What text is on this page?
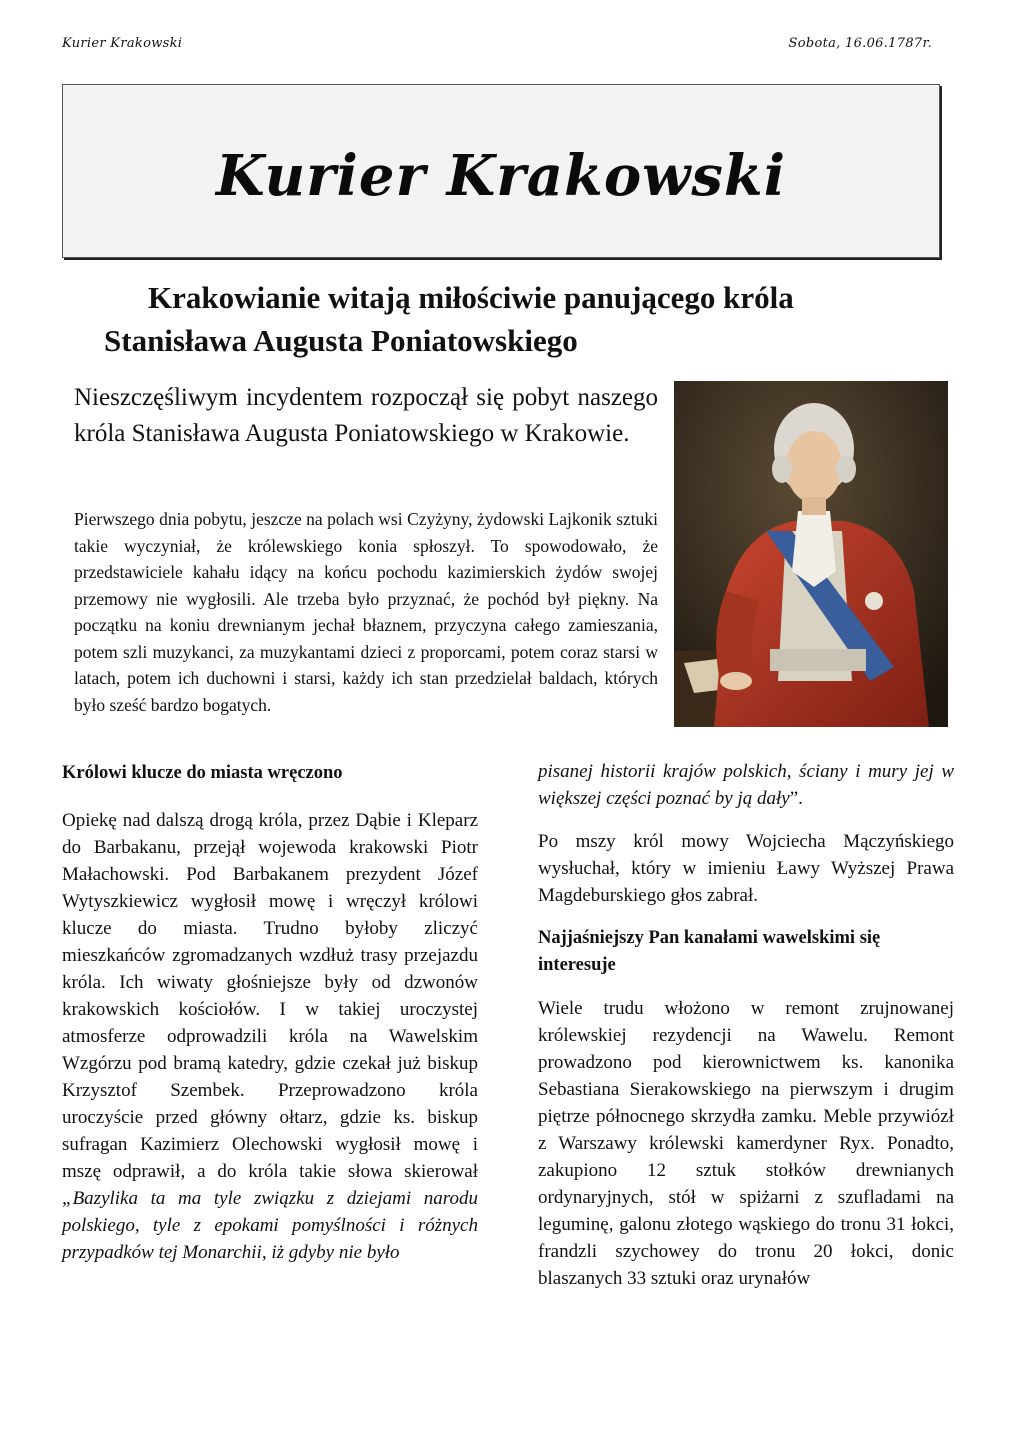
Kurier Krakowski	Sobota, 16.06.1787r.
Kurier Krakowski
Krakowianie witają miłościwie panującego króla
Stanisława Augusta Poniatowskiego

Nieszczęśliwym incydentem rozpoczął się pobyt naszego króla Stanisława Augusta Poniatowskiego w Krakowie.

Pierwszego dnia pobytu, jeszcze na polach wsi Czyżyny, żydowski Lajkonik sztuki takie wyczyniał, że królewskiego konia spłoszył. To spowodowało, że przedstawiciele kahału idący na końcu pochodu kazimierskich żydów swojej przemowy nie wygłosili. Ale trzeba było przyznać, że pochód był piękny. Na początku na koniu drewnianym jechał błaznem, przyczyna całego zamieszania, potem szli muzykanci, za muzykantami dzieci z proporcami, potem coraz starsi w latach, potem ich duchowni i starsi, każdy ich stan przedzielał baldach, których było sześć bardzo bogatych.

Królowi klucze do miasta wręczono

Opiekę nad dalszą drogą króla, przez Dąbie i Kleparz do Barbakanu, przejął wojewoda krakowski Piotr Małachowski. Pod Barbakanem prezydent Józef Wytyszkiewicz wygłosił mowę i wręczył królowi klucze do miasta. Trudno byłoby zliczyć mieszkańców zgromadzanych wzdłuż trasy przejazdu króla. Ich wiwaty głośniejsze były od dzwonów krakowskich kościołów. I w takiej uroczystej atmosferze odprowadzili króla na Wawelskim Wzgórzu pod bramą katedry, gdzie czekał już biskup Krzysztof Szembek. Przeprowadzono króla uroczyście przed główny ołtarz, gdzie ks. biskup sufragan Kazimierz Olechowski wygłosił mowę i mszę odprawił, a do króla takie słowa skierował „Bazylika ta ma tyle związku z dziejami narodu polskiego, tyle z epokami pomyślności i różnych przypadków tej Monarchii, iż gdyby nie było

pisanej historii krajów polskich, ściany i mury jej w większej części poznać by ją dały”.

Po mszy król mowy Wojciecha Mączyńskiego wysłuchał, który w imieniu Ławy Wyższej Prawa Magdeburskiego głos zabrał.

Najjaśniejszy Pan kanałami wawelskimi się interesuje

Wiele trudu włożono w remont zrujnowanej królewskiej rezydencji na Wawelu. Remont prowadzono pod kierownictwem ks. kanonika Sebastiana Sierakowskiego na pierwszym i drugim piętrze północnego skrzydła zamku. Meble przywiózł z Warszawy królewski kamerdyner Ryx. Ponadto, zakupiono 12 sztuk stołków drewnianych ordynaryjnych, stół w spiżarni z szufladami na leguminę, galonu złotego wąskiego do tronu 31 łokci, frandzli szychowey do tronu 20 łokci, donic blaszanych 33 sztuki oraz urynałów
